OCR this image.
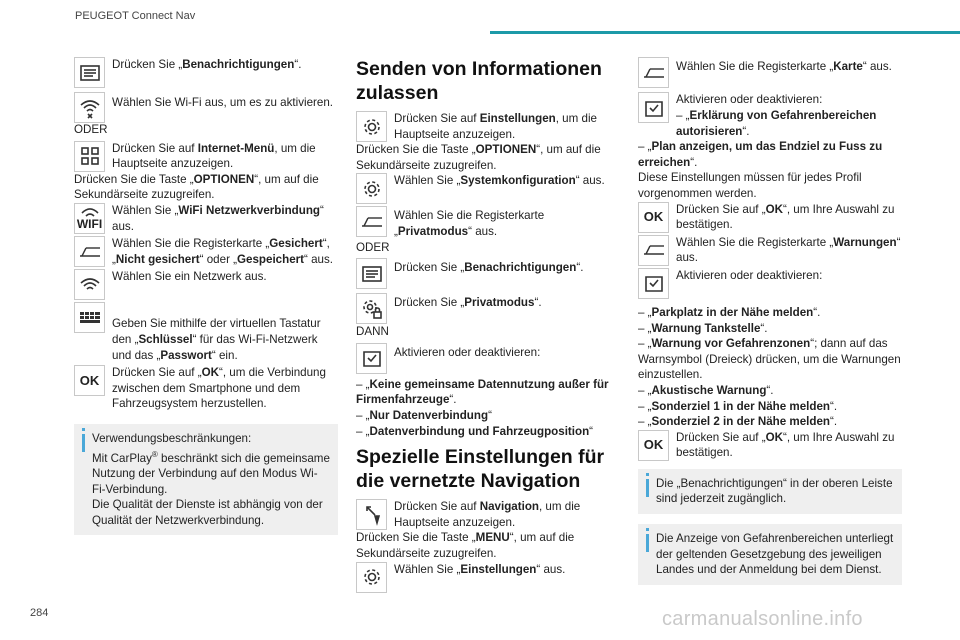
PEUGEOT Connect Nav

Drücken Sie „Benachrichtigungen“.

Wählen Sie Wi-Fi aus, um es zu aktivieren.

ODER

Drücken Sie auf Internet-Menü, um die Hauptseite anzuzeigen.

Drücken Sie die Taste „OPTIONEN“, um auf die Sekundärseite zuzugreifen.

WIFI

Wählen Sie „WiFi Netzwerkverbindung“ aus.

Wählen Sie die Registerkarte „Gesichert“, „Nicht gesichert“ oder „Gespeichert“ aus.

Wählen Sie ein Netzwerk aus.

Geben Sie mithilfe der virtuellen Tastatur den „Schlüssel“ für das Wi-Fi-Netzwerk und das „Passwort“ ein.

OK

Drücken Sie auf „OK“, um die Verbindung zwischen dem Smartphone und dem Fahrzeugsystem herzustellen.

Verwendungsbeschränkungen:

Mit CarPlay® beschränkt sich die gemeinsame Nutzung der Verbindung auf den Modus Wi-Fi-Verbindung.

Die Qualität der Dienste ist abhängig von der Qualität der Netzwerkverbindung.

Senden von Informationen zulassen

Drücken Sie auf Einstellungen, um die Hauptseite anzuzeigen.

Drücken Sie die Taste „OPTIONEN“, um auf die Sekundärseite zuzugreifen.

Wählen Sie „Systemkonfiguration“ aus.

Wählen Sie die Registerkarte „Privatmodus“ aus.

ODER

Drücken Sie „Benachrichtigungen“.

Drücken Sie „Privatmodus“.

DANN

Aktivieren oder deaktivieren:

– „Keine gemeinsame Datennutzung außer für Firmenfahrzeuge“.

– „Nur Datenverbindung“

– „Datenverbindung und Fahrzeugposition“

Spezielle Einstellungen für die vernetzte Navigation

Drücken Sie auf Navigation, um die Hauptseite anzuzeigen.

Drücken Sie die Taste „MENU“, um auf die Sekundärseite zuzugreifen.

Wählen Sie „Einstellungen“ aus.

Wählen Sie die Registerkarte „Karte“ aus.

Aktivieren oder deaktivieren:

– „Erklärung von Gefahrenbereichen autorisieren“.

– „Plan anzeigen, um das Endziel zu Fuss zu erreichen“.

Diese Einstellungen müssen für jedes Profil vorgenommen werden.

OK

Drücken Sie auf „OK“, um Ihre Auswahl zu bestätigen.

Wählen Sie die Registerkarte „Warnungen“ aus.

Aktivieren oder deaktivieren:

– „Parkplatz in der Nähe melden“.

– „Warnung Tankstelle“.

– „Warnung vor Gefahrenzonen“; dann auf das Warnsymbol (Dreieck) drücken, um die Warnungen einzustellen.

– „Akustische Warnung“.

– „Sonderziel 1 in der Nähe melden“.

– „Sonderziel 2 in der Nähe melden“.

OK

Drücken Sie auf „OK“, um Ihre Auswahl zu bestätigen.

Die „Benachrichtigungen“ in der oberen Leiste sind jederzeit zugänglich.

Die Anzeige von Gefahrenbereichen unterliegt der geltenden Gesetzgebung des jeweiligen Landes und der Anmeldung bei dem Dienst.

284	carmanualsonline.info
